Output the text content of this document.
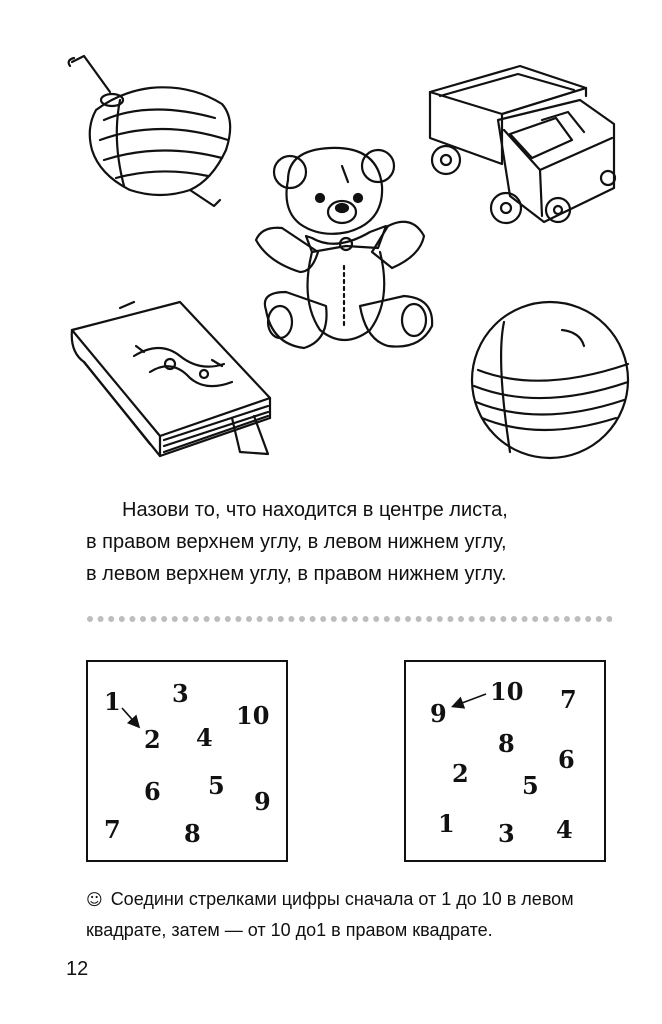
Назови то, что находится в центре листа,
в правом верхнем углу, в левом нижнем углу,
в левом верхнем углу, в правом нижнем углу.
1 3
10
2 4
6 5
9
7	8
10
9	7
8
6
2 5
1 3 4
☺ Соедини стрелками цифры сначала от 1 до 10 в левом квадрате, затем — от 10 до1 в правом квадрате.
12
